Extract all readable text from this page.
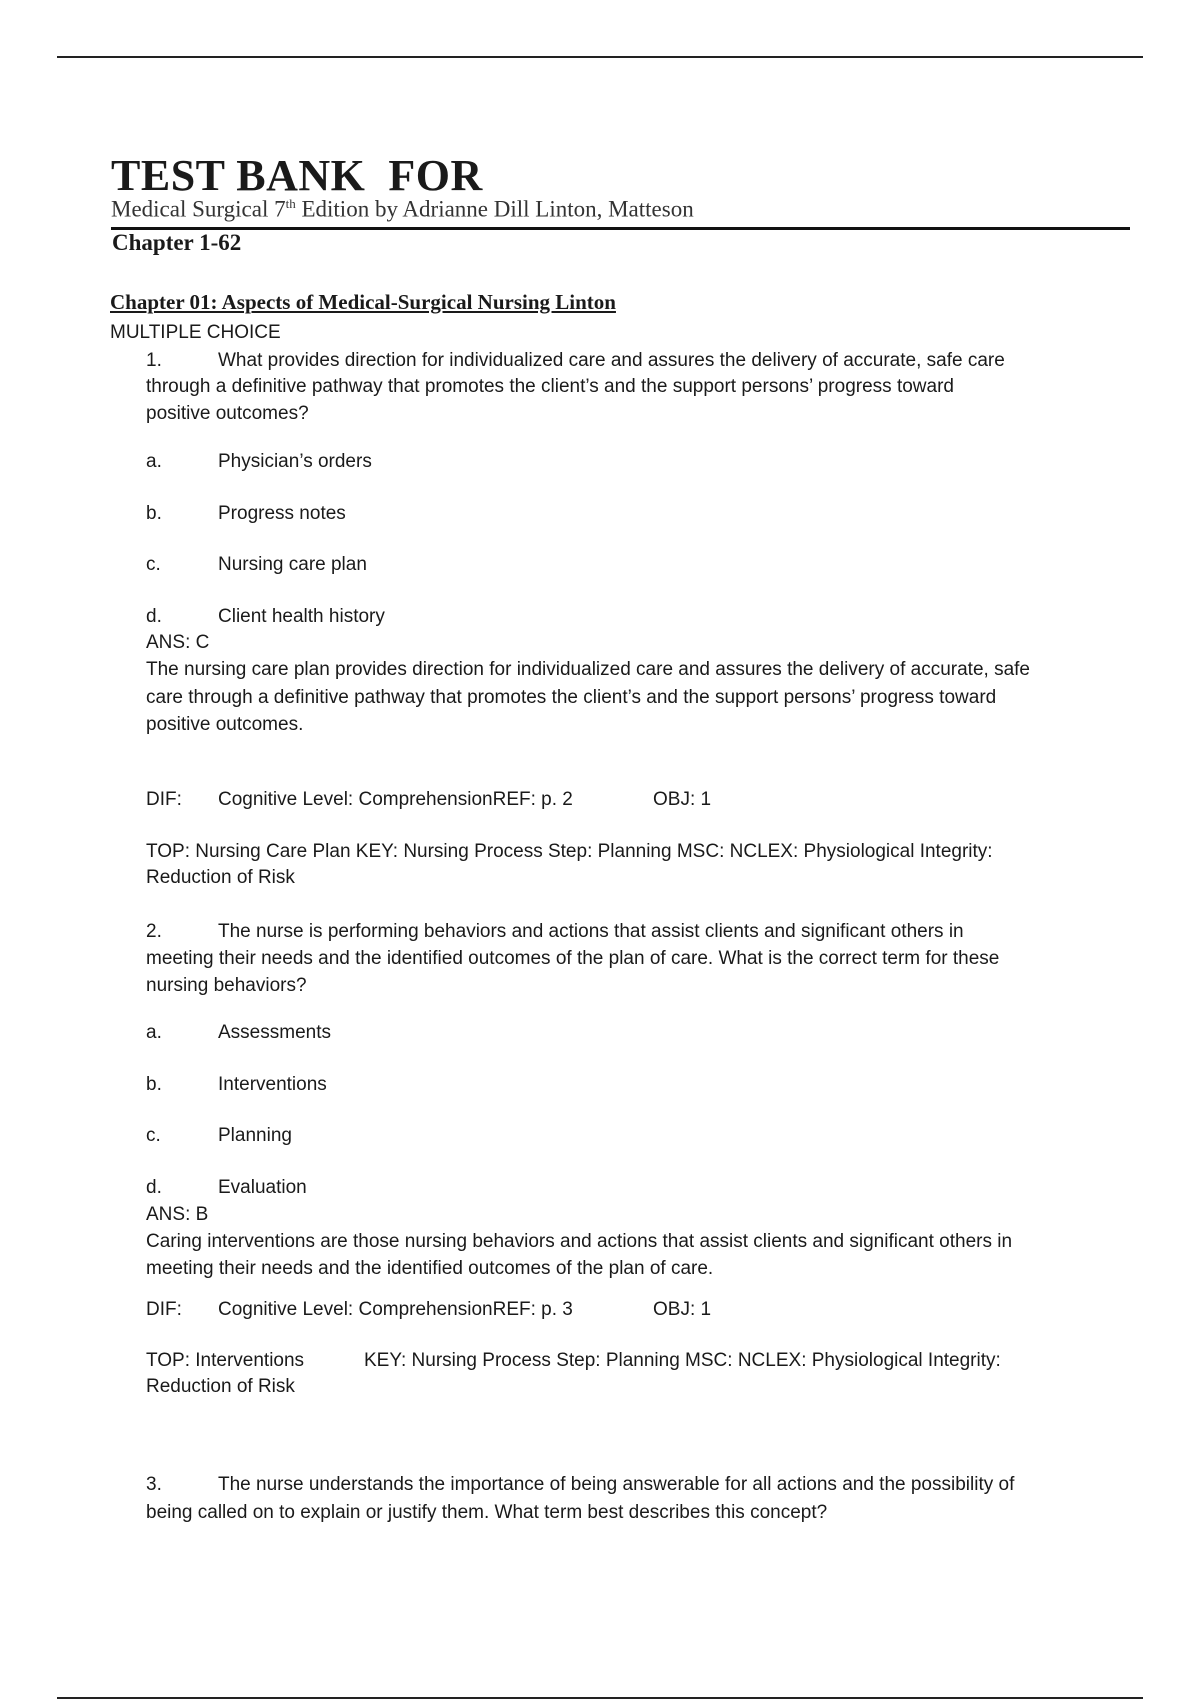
TEST BANK  FOR
Medical Surgical 7th Edition by Adrianne Dill Linton, Matteson
Chapter 1-62
Chapter 01: Aspects of Medical-Surgical Nursing Linton
MULTIPLE CHOICE
1.	What provides direction for individualized care and assures the delivery of accurate, safe care
through a definitive pathway that promotes the client’s and the support persons’ progress toward
positive outcomes?
a.	Physician’s orders
b.	Progress notes
c.	Nursing care plan
d.	Client health history
ANS: C
The nursing care plan provides direction for individualized care and assures the delivery of accurate, safe
care through a definitive pathway that promotes the client’s and the support persons’ progress toward
positive outcomes.
DIF: Cognitive Level: ComprehensionREF: p. 2	OBJ: 1
TOP: Nursing Care Plan KEY: Nursing Process Step: Planning MSC: NCLEX: Physiological Integrity:
Reduction of Risk
2.	The nurse is performing behaviors and actions that assist clients and significant others in
meeting their needs and the identified outcomes of the plan of care. What is the correct term for these
nursing behaviors?
a.	Assessments
b.	Interventions
c.	Planning
d.	Evaluation
ANS: B
Caring interventions are those nursing behaviors and actions that assist clients and significant others in
meeting their needs and the identified outcomes of the plan of care.
DIF: Cognitive Level: ComprehensionREF: p. 3	OBJ: 1
TOP: Interventions	KEY: Nursing Process Step: Planning MSC: NCLEX: Physiological Integrity:
Reduction of Risk
3.	The nurse understands the importance of being answerable for all actions and the possibility of
being called on to explain or justify them. What term best describes this concept?
